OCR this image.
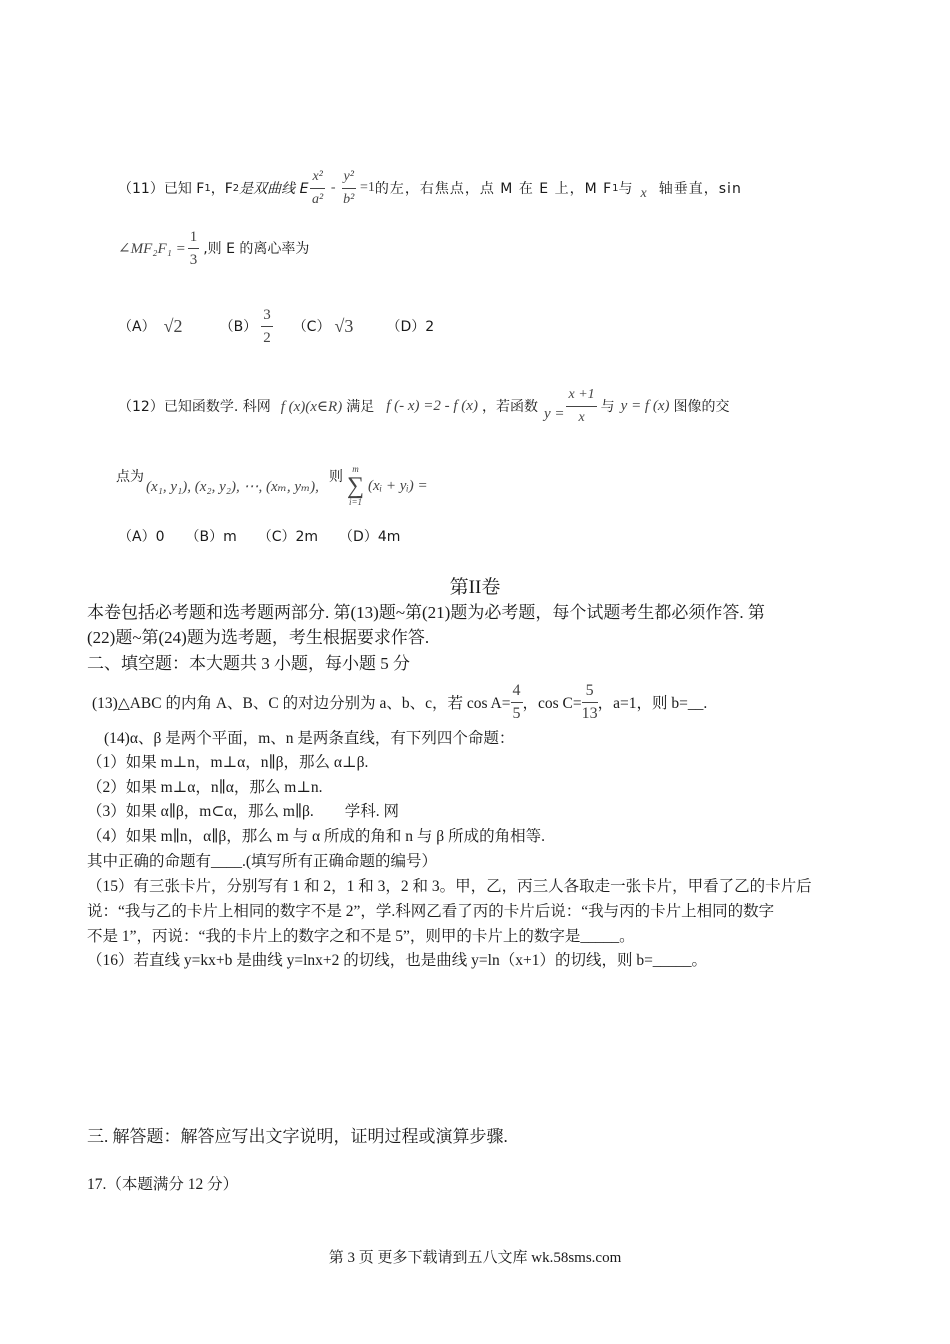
（11）已知 F 1 ，F 2 是双曲线 E $\frac{\text{x²}}{\text{a²}} - \frac{\text{y²}}{\text{b²}} =1$ 的左，右焦点，点 M 在 E 上，M F 1 与 x 轴垂直，sin
∠MF₂F₁ = $\frac{1}{3}$ ,则 E 的离心率为
（A） √2	$(B) \frac{3}{2} (C)$ √3	（D）2
（12）已知函数学. 科网 f (x)(x∈R) 满足 f (- x) =2 - f (x) ，若函数 $y = \frac{x +1}{x}$ 与 y = f (x) 图像的交
点为
(x₁, y₁), (x₂, y₂), ⋯, (xₘ, yₘ),
则 m
∑
i=1
(xᵢ + yᵢ) =
（A）0　　（B）m　　（C）2m　　（D）4m
第II卷
本卷包括必考题和选考题两部分. 第(13)题~第(21)题为必考题，每个试题考生都必须作答. 第
(22)题~第(24)题为选考题，考生根据要求作答.
二、填空题：本大题共 3 小题，每小题 5 分
(13)△ABC 的内角 A、B、C 的对边分别为 a、b、c，若 $\cos A= \frac{4}{5}$ ，$\cos C= \frac{5}{13}$ ，a=1，则 b=__.
(14)α、β 是两个平面，m、n 是两条直线，有下列四个命题：
（1）如果 m⊥n，m⊥α，n∥β，那么 α⊥β.
（2）如果 m⊥α，n∥α，那么 m⊥n.
（3）如果 α∥β，m⊂α，那么 m∥β.　　学科. 网
（4）如果 m∥n，α∥β，那么 m 与 α 所成的角和 n 与 β 所成的角相等.
其中正确的命题有____.(填写所有正确命题的编号）
（15）有三张卡片，分别写有 1 和 2，1 和 3，2 和 3。甲，乙，丙三人各取走一张卡片，甲看了乙的卡片后
说：“我与乙的卡片上相同的数字不是 2”，学.科网乙看了丙的卡片后说：“我与丙的卡片上相同的数字
不是 1”，丙说：“我的卡片上的数字之和不是 5”，则甲的卡片上的数字是_____。
（16）若直线 y=kx+b 是曲线 y=lnx+2 的切线，也是曲线 y=ln（x+1）的切线，则 b=_____。
三. 解答题：解答应写出文字说明，证明过程或演算步骤.
17.（本题满分 12 分）
第 3 页 更多下载请到五八文库 wk.58sms.com
